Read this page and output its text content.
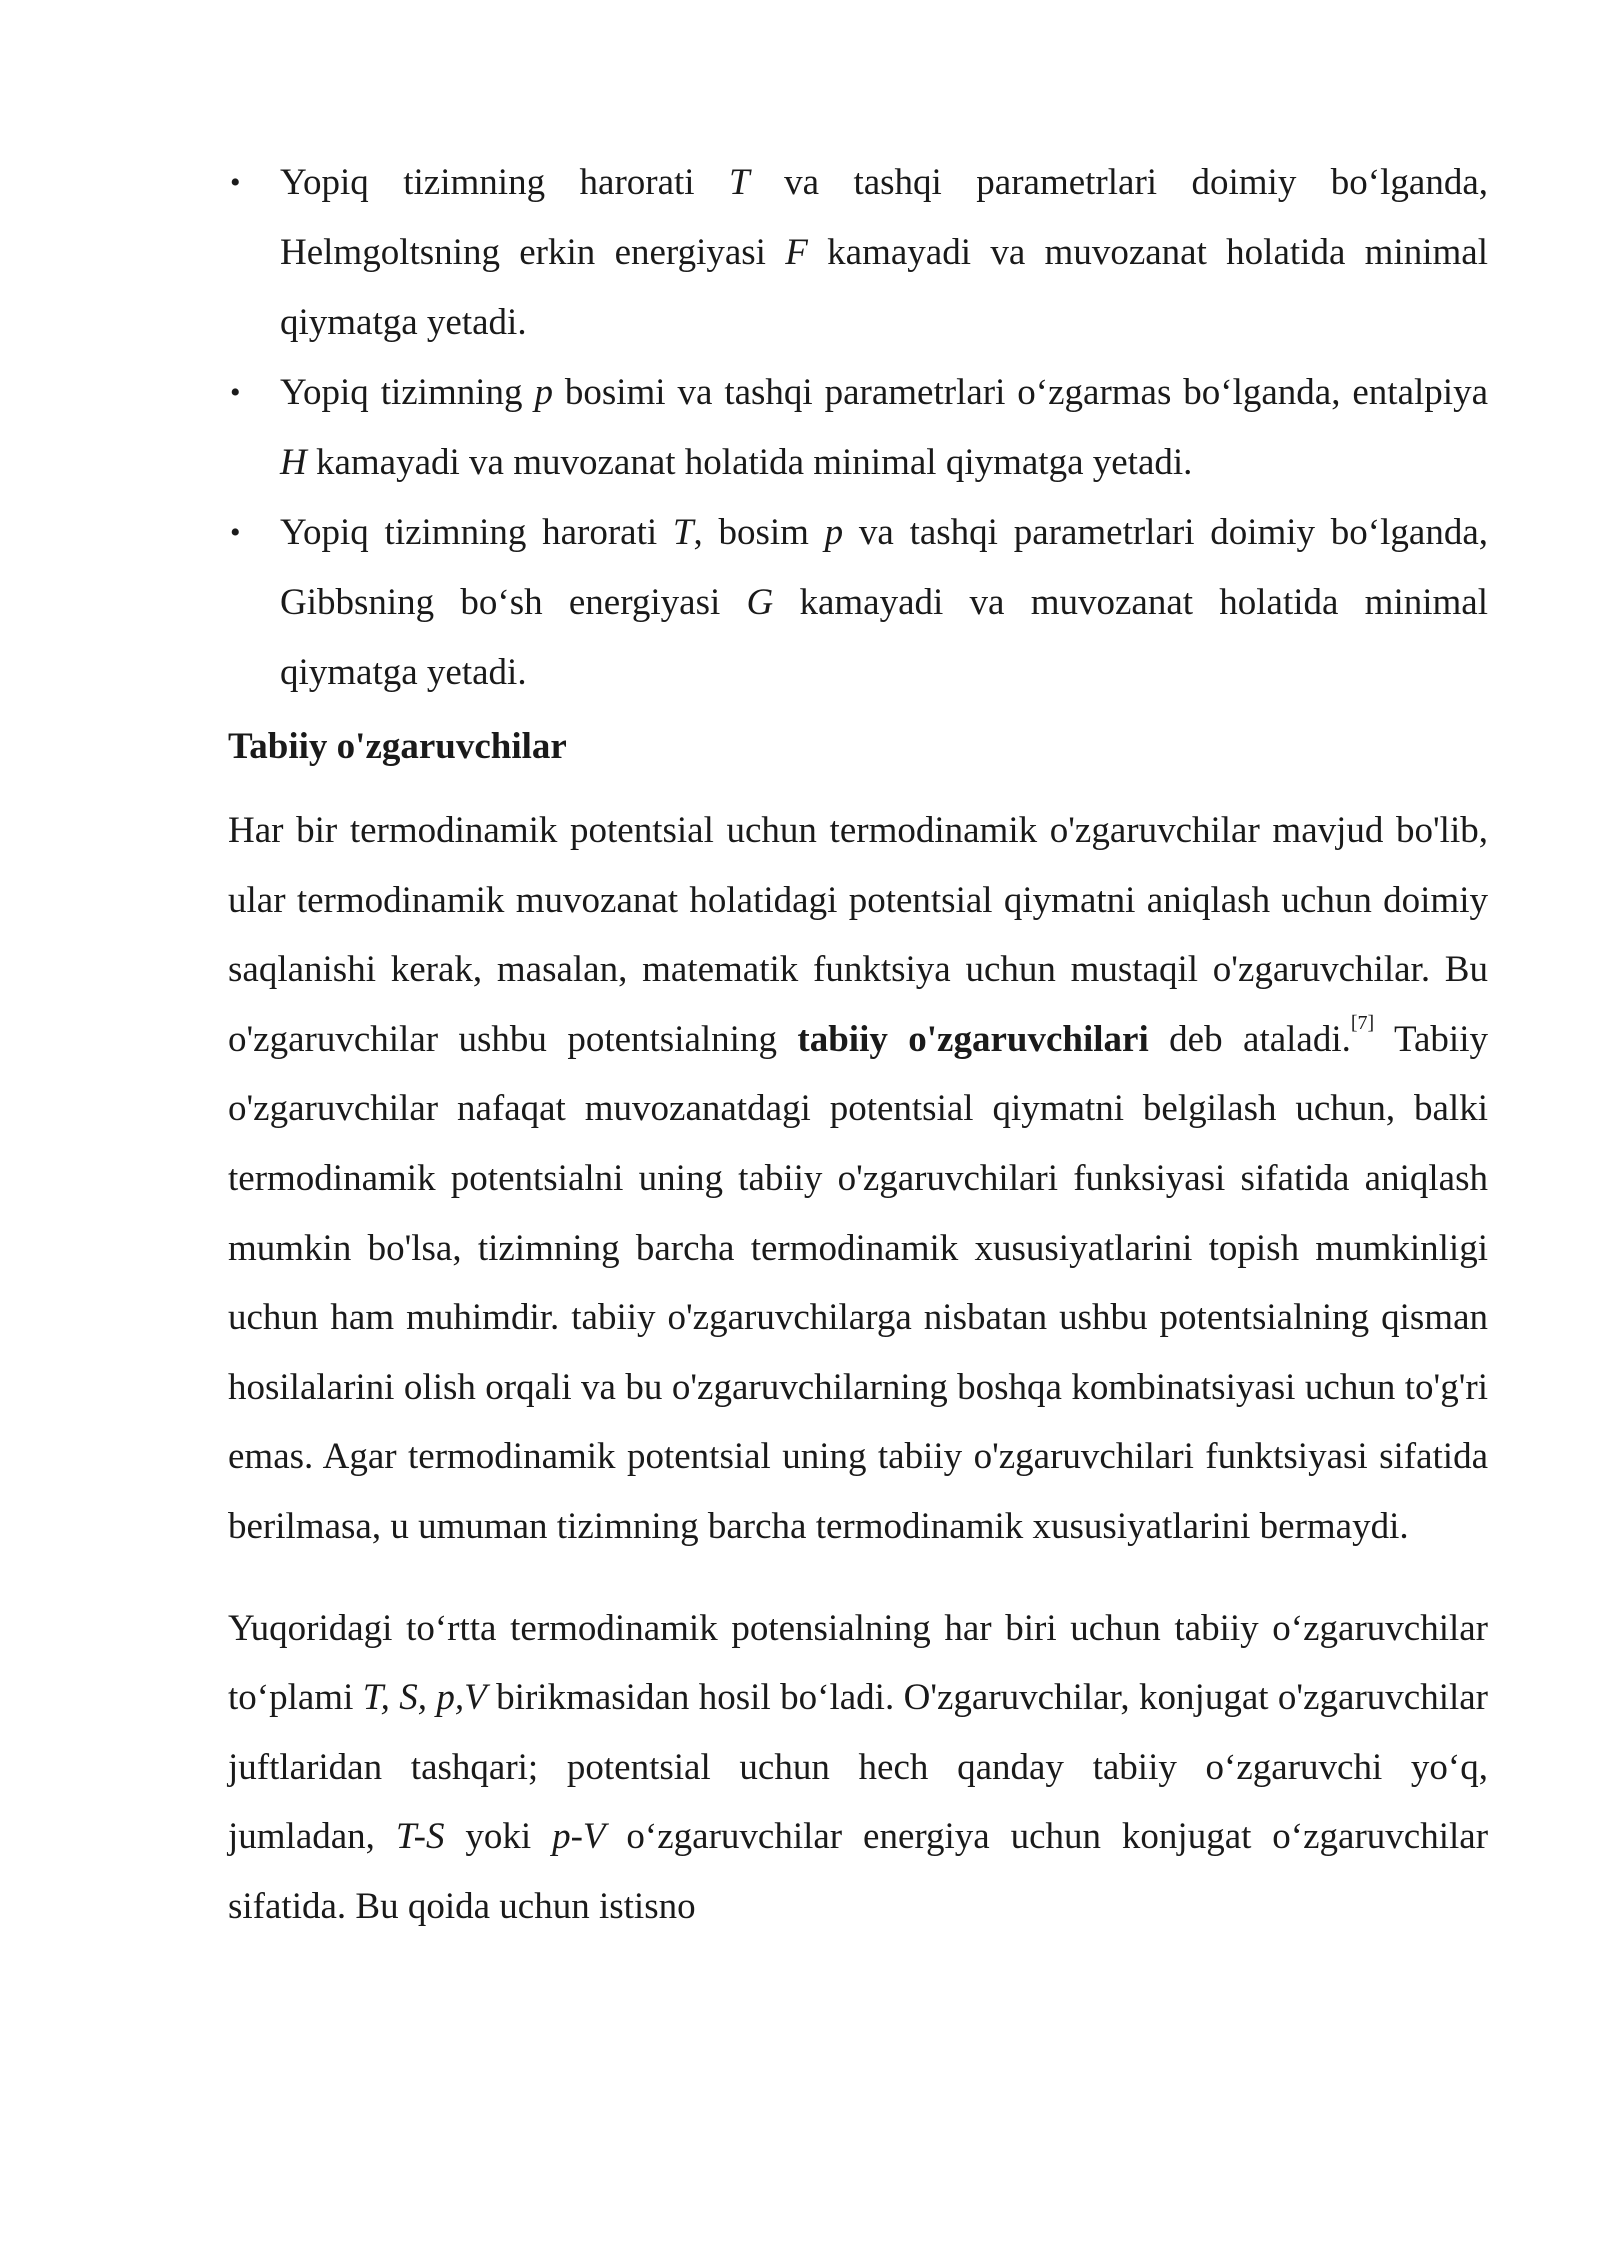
• Yopiq tizimning harorati T va tashqi parametrlari doimiy bo‘lganda, Helmgoltsning erkin energiyasi F kamayadi va muvozanat holatida minimal qiymatga yetadi.
• Yopiq tizimning p bosimi va tashqi parametrlari o‘zgarmas bo‘lganda, entalpiya H kamayadi va muvozanat holatida minimal qiymatga yetadi.
• Yopiq tizimning harorati T, bosim p va tashqi parametrlari doimiy bo‘lganda, Gibbsning bo‘sh energiyasi G kamayadi va muvozanat holatida minimal qiymatga yetadi.
Tabiiy o'zgaruvchilar

Har bir termodinamik potentsial uchun termodinamik o'zgaruvchilar mavjud bo'lib, ular termodinamik muvozanat holatidagi potentsial qiymatni aniqlash uchun doimiy saqlanishi kerak, masalan, matematik funktsiya uchun mustaqil o'zgaruvchilar. Bu o'zgaruvchilar ushbu potentsialning tabiiy o'zgaruvchilari deb ataladi.[7] Tabiiy o'zgaruvchilar nafaqat muvozanatdagi potentsial qiymatni belgilash uchun, balki termodinamik potentsialni uning tabiiy o'zgaruvchilari funksiyasi sifatida aniqlash mumkin bo'lsa, tizimning barcha termodinamik xususiyatlarini topish mumkinligi uchun ham muhimdir. tabiiy o'zgaruvchilarga nisbatan ushbu potentsialning qisman hosilalarini olish orqali va bu o'zgaruvchilarning boshqa kombinatsiyasi uchun to'g'ri emas. Agar termodinamik potentsial uning tabiiy o'zgaruvchilari funktsiyasi sifatida berilmasa, u umuman tizimning barcha termodinamik xususiyatlarini bermaydi.

Yuqoridagi to‘rtta termodinamik potensialning har biri uchun tabiiy o‘zgaruvchilar to‘plami T, S, p,V birikmasidan hosil bo‘ladi. O'zgaruvchilar, konjugat o'zgaruvchilar juftlaridan tashqari; potentsial uchun hech qanday tabiiy o‘zgaruvchi yo‘q, jumladan, T-S yoki p-V o‘zgaruvchilar energiya uchun konjugat o‘zgaruvchilar sifatida. Bu qoida uchun istisno
